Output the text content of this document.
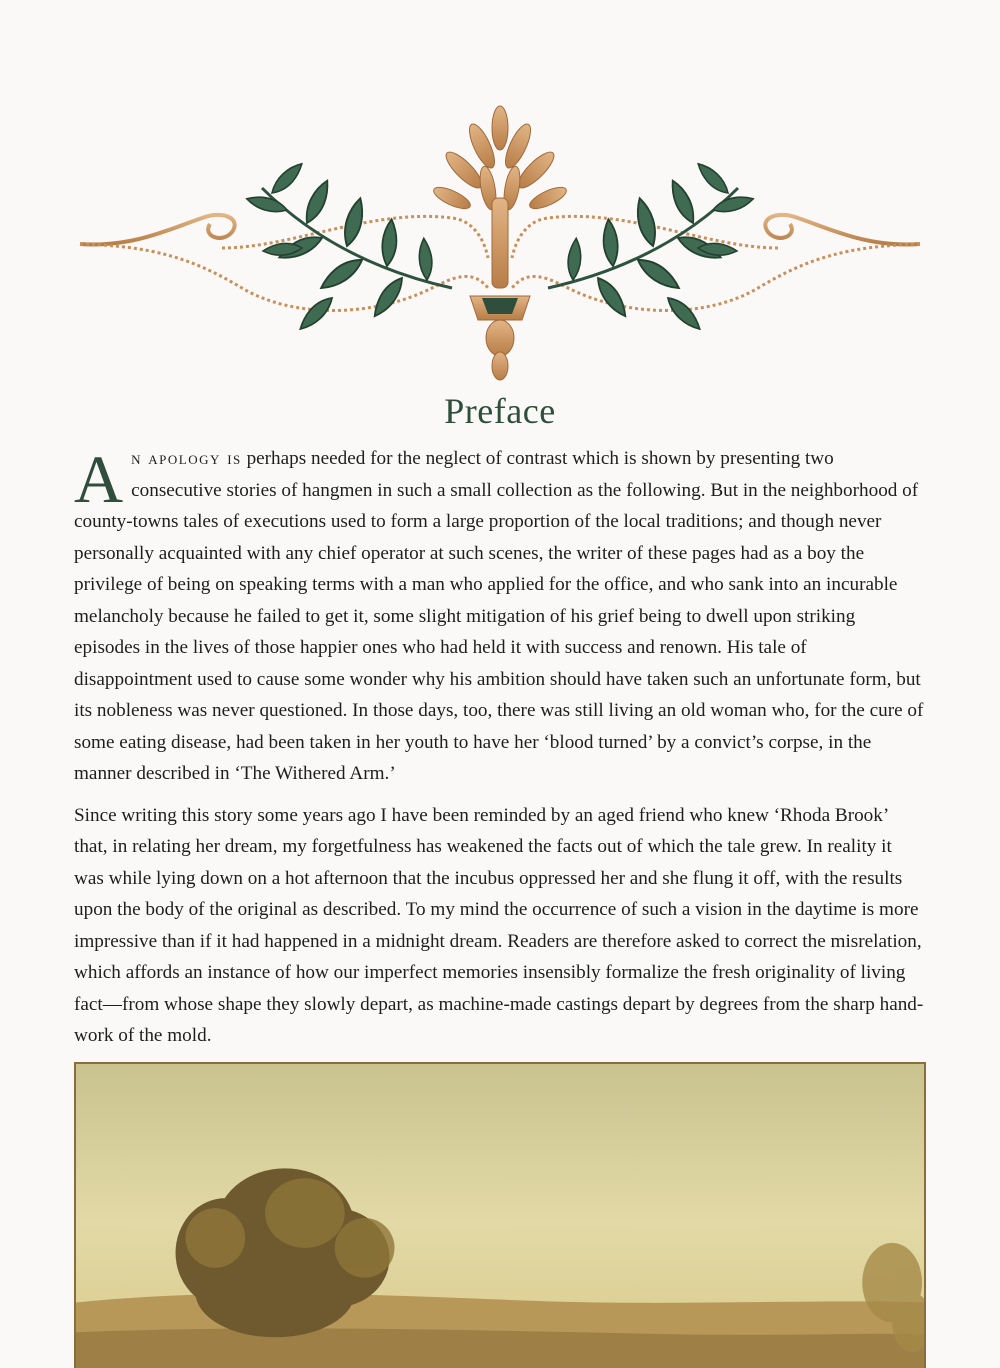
Preface

An apology is perhaps needed for the neglect of contrast which is shown by presenting two consecutive stories of hangmen in such a small collection as the following. But in the neighborhood of county-towns tales of executions used to form a large proportion of the local traditions; and though never personally acquainted with any chief operator at such scenes, the writer of these pages had as a boy the privilege of being on speaking terms with a man who applied for the office, and who sank into an incurable melancholy because he failed to get it, some slight mitigation of his grief being to dwell upon striking episodes in the lives of those happier ones who had held it with success and renown. His tale of disappointment used to cause some wonder why his ambition should have taken such an unfortunate form, but its nobleness was never questioned. In those days, too, there was still living an old woman who, for the cure of some eating disease, had been taken in her youth to have her ‘blood turned’ by a convict’s corpse, in the manner described in ‘The Withered Arm.’

Since writing this story some years ago I have been reminded by an aged friend who knew ‘Rhoda Brook’ that, in relating her dream, my forgetfulness has weakened the facts out of which the tale grew. In reality it was while lying down on a hot afternoon that the incubus oppressed her and she flung it off, with the results upon the body of the original as described. To my mind the occurrence of such a vision in the daytime is more impressive than if it had happened in a midnight dream. Readers are therefore asked to correct the misrelation, which affords an instance of how our imperfect memories insensibly formalize the fresh originality of living fact—from whose shape they slowly depart, as machine-made castings depart by degrees from the sharp hand-work of the mold.
